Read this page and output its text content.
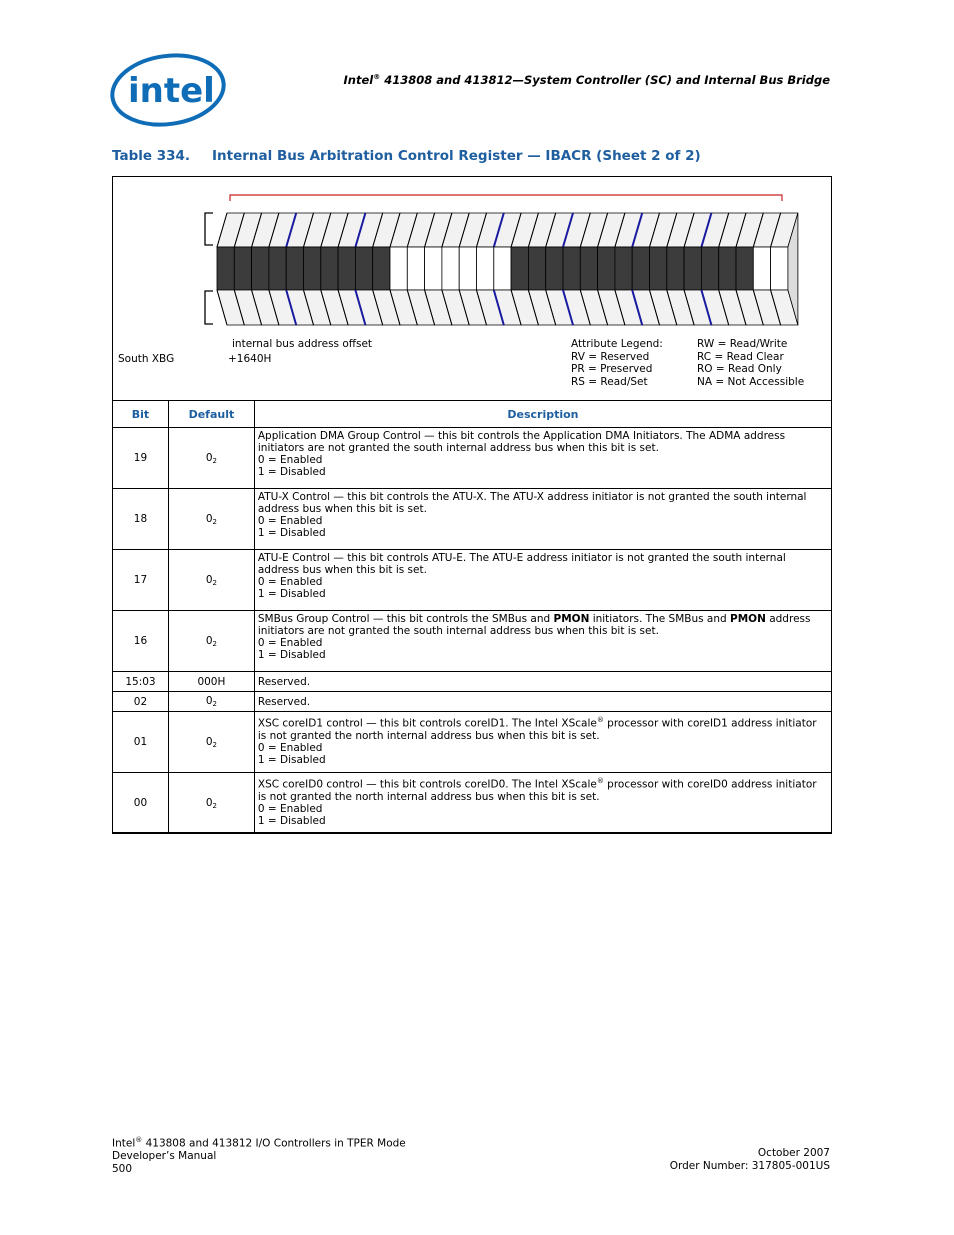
intel	Intel® 413808 and 413812—System Controller (SC) and Internal Bus Bridge
Table 334. Internal Bus Arbitration Control Register — IBACR (Sheet 2 of 2)
internal bus address offset
South XBG	+1640H
Attribute Legend:
RV = Reserved
PR = Preserved
RS = Read/Set
RW = Read/Write
RC = Read Clear
RO = Read Only
NA = Not Accessible
Bit	Default	Description
19	$0_2$	Application DMA Group Control — this bit controls the Application DMA Initiators. The ADMA address initiators are not granted the south internal address bus when this bit is set.
0 = Enabled
1 = Disabled

18	$0_2$	ATU-X Control — this bit controls the ATU-X. The ATU-X address initiator is not granted the south internal address bus when this bit is set.
0 = Enabled
1 = Disabled

17	$0_2$	ATU-E Control — this bit controls ATU-E. The ATU-E address initiator is not granted the south internal address bus when this bit is set.
0 = Enabled
1 = Disabled

16	$0_2$	SMBus Group Control — this bit controls the SMBus and PMON initiators. The SMBus and PMON address initiators are not granted the south internal address bus when this bit is set.
0 = Enabled
1 = Disabled

15:03	000H	Reserved.
02	$0_2$	Reserved.
01	$0_2$	XSC coreID1 control — this bit controls coreID1. The Intel XScale® processor with coreID1 address initiator is not granted the north internal address bus when this bit is set.
0 = Enabled
1 = Disabled

00	$0_2$	XSC coreID0 control — this bit controls coreID0. The Intel XScale® processor with coreID0 address initiator is not granted the north internal address bus when this bit is set.
0 = Enabled
1 = Disabled
Intel® 413808 and 413812 I/O Controllers in TPER Mode
Developer’s Manual
500
October 2007
Order Number: 317805-001US
